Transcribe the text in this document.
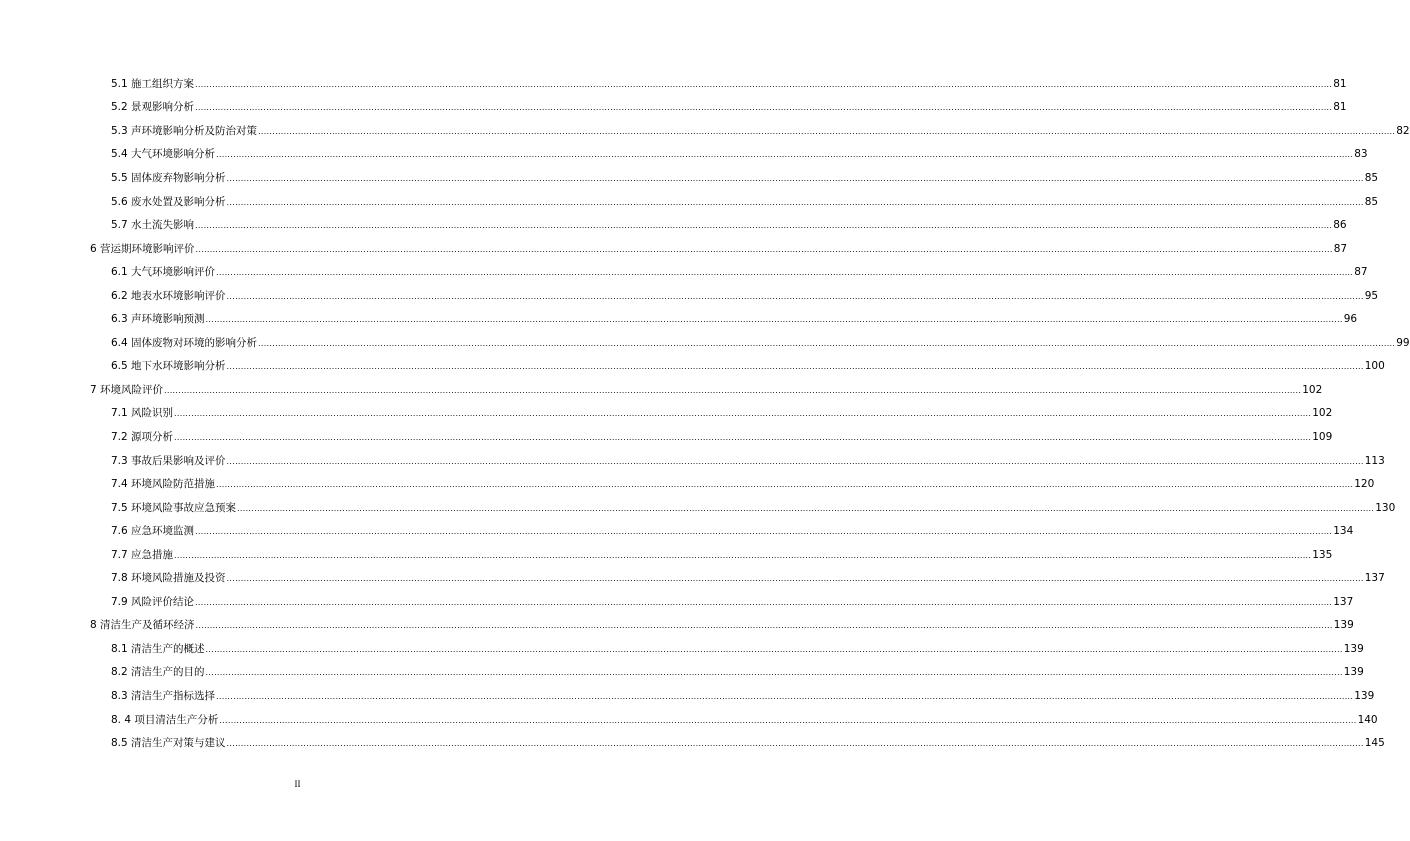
5.1 施工组织方案 ................................................................................................................................................................................................................................................................................................................................................................................................................ 81
5.2 景观影响分析 ................................................................................................................................................................................................................................................................................................................................................................................................................ 81
5.3 声环境影响分析及防治对策 ................................................................................................................................................................................................................................................................................................................................................................................................................ 82
5.4 大气环境影响分析 ................................................................................................................................................................................................................................................................................................................................................................................................................ 83
5.5 固体废弃物影响分析 ................................................................................................................................................................................................................................................................................................................................................................................................................ 85
5.6 废水处置及影响分析 ................................................................................................................................................................................................................................................................................................................................................................................................................ 85
5.7 水土流失影响 ................................................................................................................................................................................................................................................................................................................................................................................................................ 86
6 营运期环境影响评价 ................................................................................................................................................................................................................................................................................................................................................................................................................ 87
6.1 大气环境影响评价 ................................................................................................................................................................................................................................................................................................................................................................................................................ 87
6.2 地表水环境影响评价 ................................................................................................................................................................................................................................................................................................................................................................................................................ 95
6.3 声环境影响预测 ................................................................................................................................................................................................................................................................................................................................................................................................................ 96
6.4 固体废物对环境的影响分析 ................................................................................................................................................................................................................................................................................................................................................................................................................ 99
6.5 地下水环境影响分析 ................................................................................................................................................................................................................................................................................................................................................................................................................ 100
7 环境风险评价 ................................................................................................................................................................................................................................................................................................................................................................................................................ 102
7.1 风险识别 ................................................................................................................................................................................................................................................................................................................................................................................................................ 102
7.2 源项分析 ................................................................................................................................................................................................................................................................................................................................................................................................................ 109
7.3 事故后果影响及评价 ................................................................................................................................................................................................................................................................................................................................................................................................................ 113
7.4 环境风险防范措施 ................................................................................................................................................................................................................................................................................................................................................................................................................ 120
7.5 环境风险事故应急预案 ................................................................................................................................................................................................................................................................................................................................................................................................................ 130
7.6 应急环境监测 ................................................................................................................................................................................................................................................................................................................................................................................................................ 134
7.7 应急措施 ................................................................................................................................................................................................................................................................................................................................................................................................................ 135
7.8 环境风险措施及投资 ................................................................................................................................................................................................................................................................................................................................................................................................................ 137
7.9 风险评价结论 ................................................................................................................................................................................................................................................................................................................................................................................................................ 137
8 清洁生产及循环经济 ................................................................................................................................................................................................................................................................................................................................................................................................................ 139
8.1 清洁生产的概述 ................................................................................................................................................................................................................................................................................................................................................................................................................ 139
8.2 清洁生产的目的 ................................................................................................................................................................................................................................................................................................................................................................................................................ 139
8.3 清洁生产指标选择 ................................................................................................................................................................................................................................................................................................................................................................................................................ 139
8. 4 项目清洁生产分析 ................................................................................................................................................................................................................................................................................................................................................................................................................ 140
8.5 清洁生产对策与建议 ................................................................................................................................................................................................................................................................................................................................................................................................................ 145
II
